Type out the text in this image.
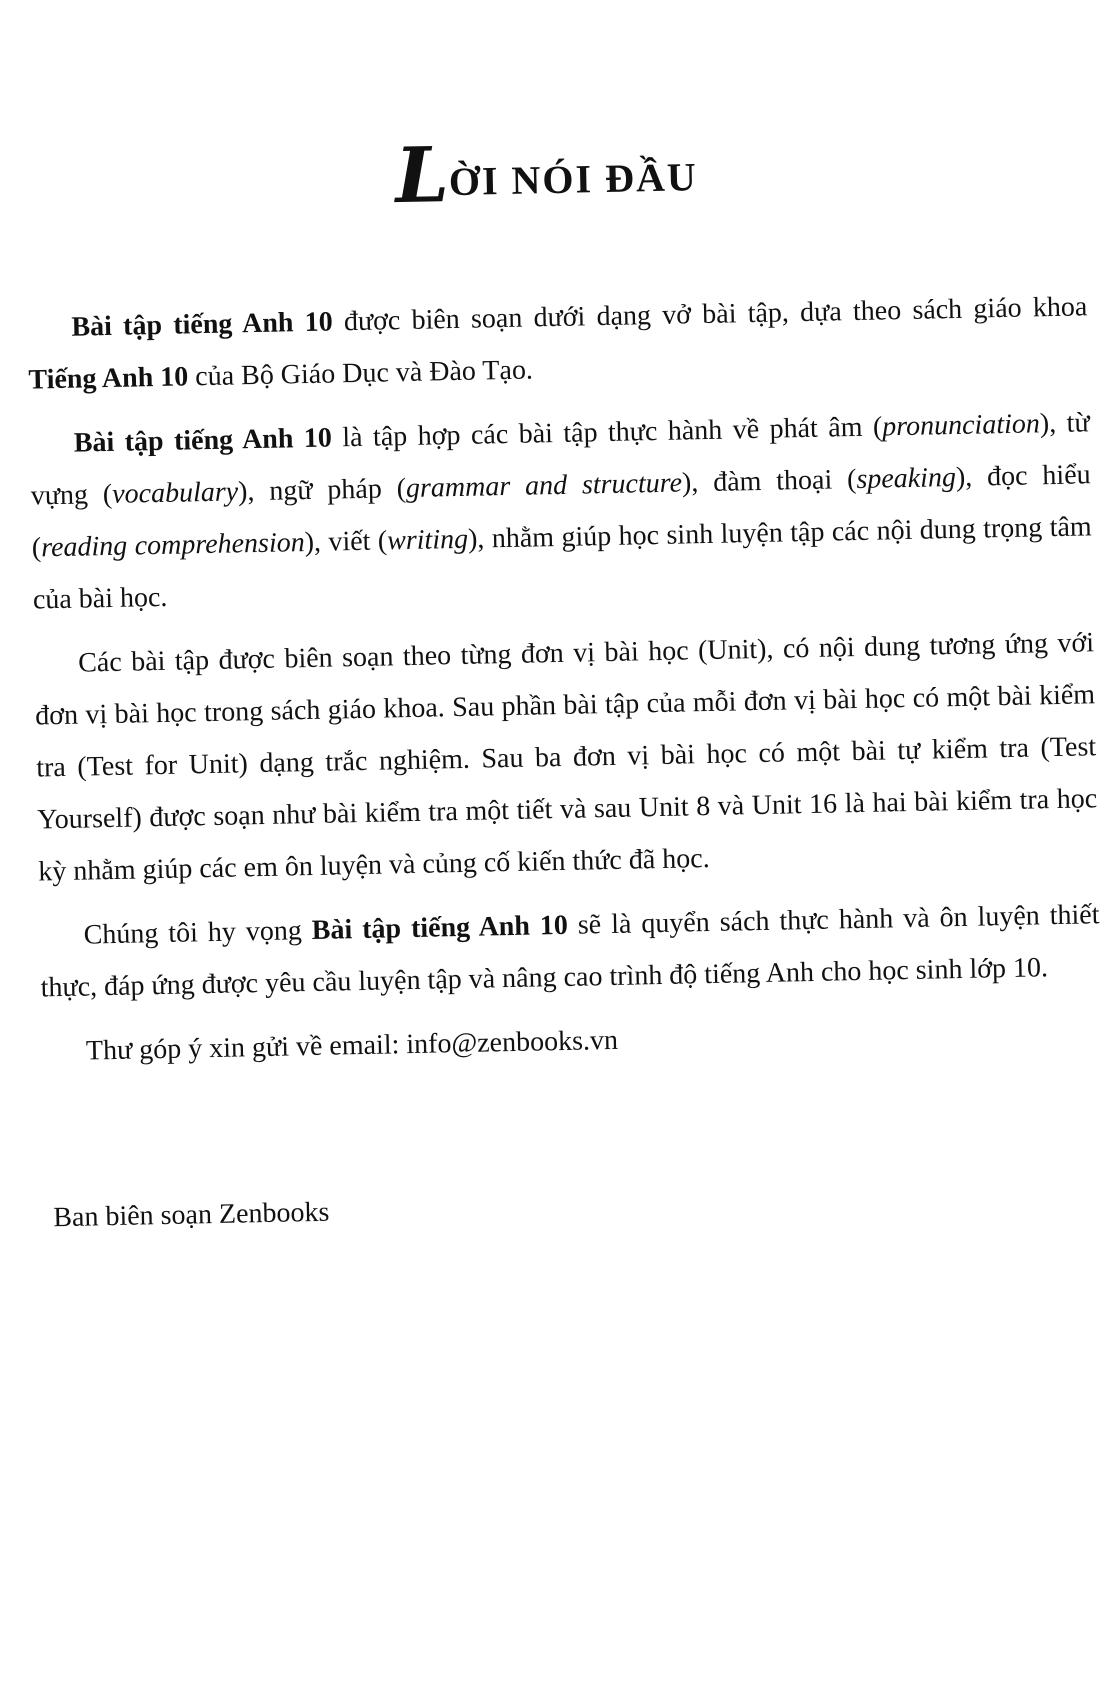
LỜI NÓI ĐẦU

Bài tập tiếng Anh 10 được biên soạn dưới dạng vở bài tập, dựa theo sách giáo khoa Tiếng Anh 10 của Bộ Giáo Dục và Đào Tạo.

Bài tập tiếng Anh 10 là tập hợp các bài tập thực hành về phát âm (pronunciation), từ vựng (vocabulary), ngữ pháp (grammar and structure), đàm thoại (speaking), đọc hiểu (reading comprehension), viết (writing), nhằm giúp học sinh luyện tập các nội dung trọng tâm của bài học.

Các bài tập được biên soạn theo từng đơn vị bài học (Unit), có nội dung tương ứng với đơn vị bài học trong sách giáo khoa. Sau phần bài tập của mỗi đơn vị bài học có một bài kiểm tra (Test for Unit) dạng trắc nghiệm. Sau ba đơn vị bài học có một bài tự kiểm tra (Test Yourself) được soạn như bài kiểm tra một tiết và sau Unit 8 và Unit 16 là hai bài kiểm tra học kỳ nhằm giúp các em ôn luyện và củng cố kiến thức đã học.

Chúng tôi hy vọng Bài tập tiếng Anh 10 sẽ là quyển sách thực hành và ôn luyện thiết thực, đáp ứng được yêu cầu luyện tập và nâng cao trình độ tiếng Anh cho học sinh lớp 10.

Thư góp ý xin gửi về email: info@zenbooks.vn

Ban biên soạn Zenbooks
